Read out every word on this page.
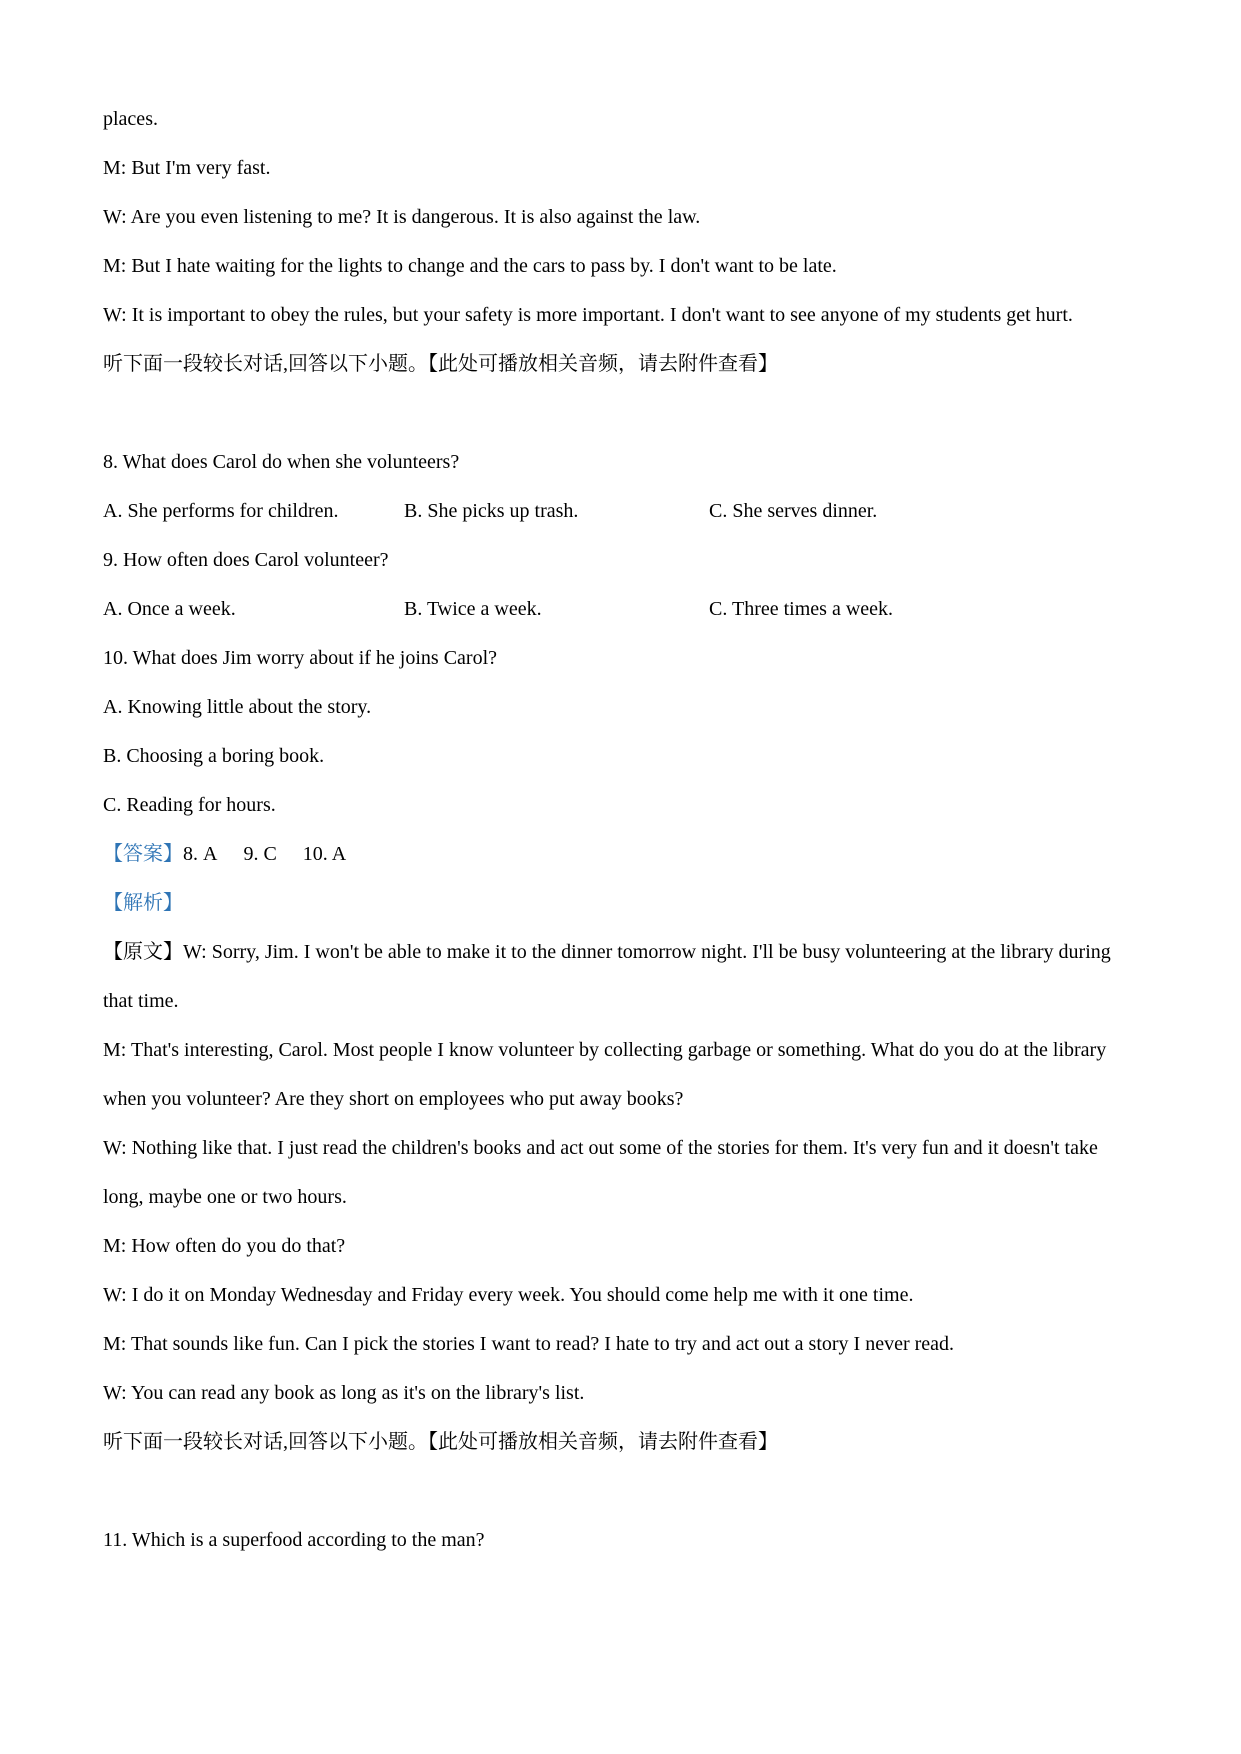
places.
M: But I'm very fast.
W: Are you even listening to me? It is dangerous. It is also against the law.
M: But I hate waiting for the lights to change and the cars to pass by. I don't want to be late.
W: It is important to obey the rules, but your safety is more important. I don't want to see anyone of my students get hurt.
听下面一段较长对话,回答以下小题。【此处可播放相关音频，请去附件查看】
8. What does Carol do when she volunteers?
A. She performs for children.	B. She picks up trash.	C. She serves dinner.
9. How often does Carol volunteer?
A. Once a week.	B. Twice a week.	C. Three times a week.
10. What does Jim worry about if he joins Carol?
A. Knowing little about the story.
B. Choosing a boring book.
C. Reading for hours.
【答案】8. A 9. C 10. A
【解析】
【原文】W: Sorry, Jim. I won't be able to make it to the dinner tomorrow night. I'll be busy volunteering at the library during that time.
M: That's interesting, Carol. Most people I know volunteer by collecting garbage or something. What do you do at the library when you volunteer? Are they short on employees who put away books?
W: Nothing like that. I just read the children's books and act out some of the stories for them. It's very fun and it doesn't take long, maybe one or two hours.
M: How often do you do that?
W: I do it on Monday Wednesday and Friday every week. You should come help me with it one time.
M: That sounds like fun. Can I pick the stories I want to read? I hate to try and act out a story I never read.
W: You can read any book as long as it's on the library's list.
听下面一段较长对话,回答以下小题。【此处可播放相关音频，请去附件查看】
11. Which is a superfood according to the man?
